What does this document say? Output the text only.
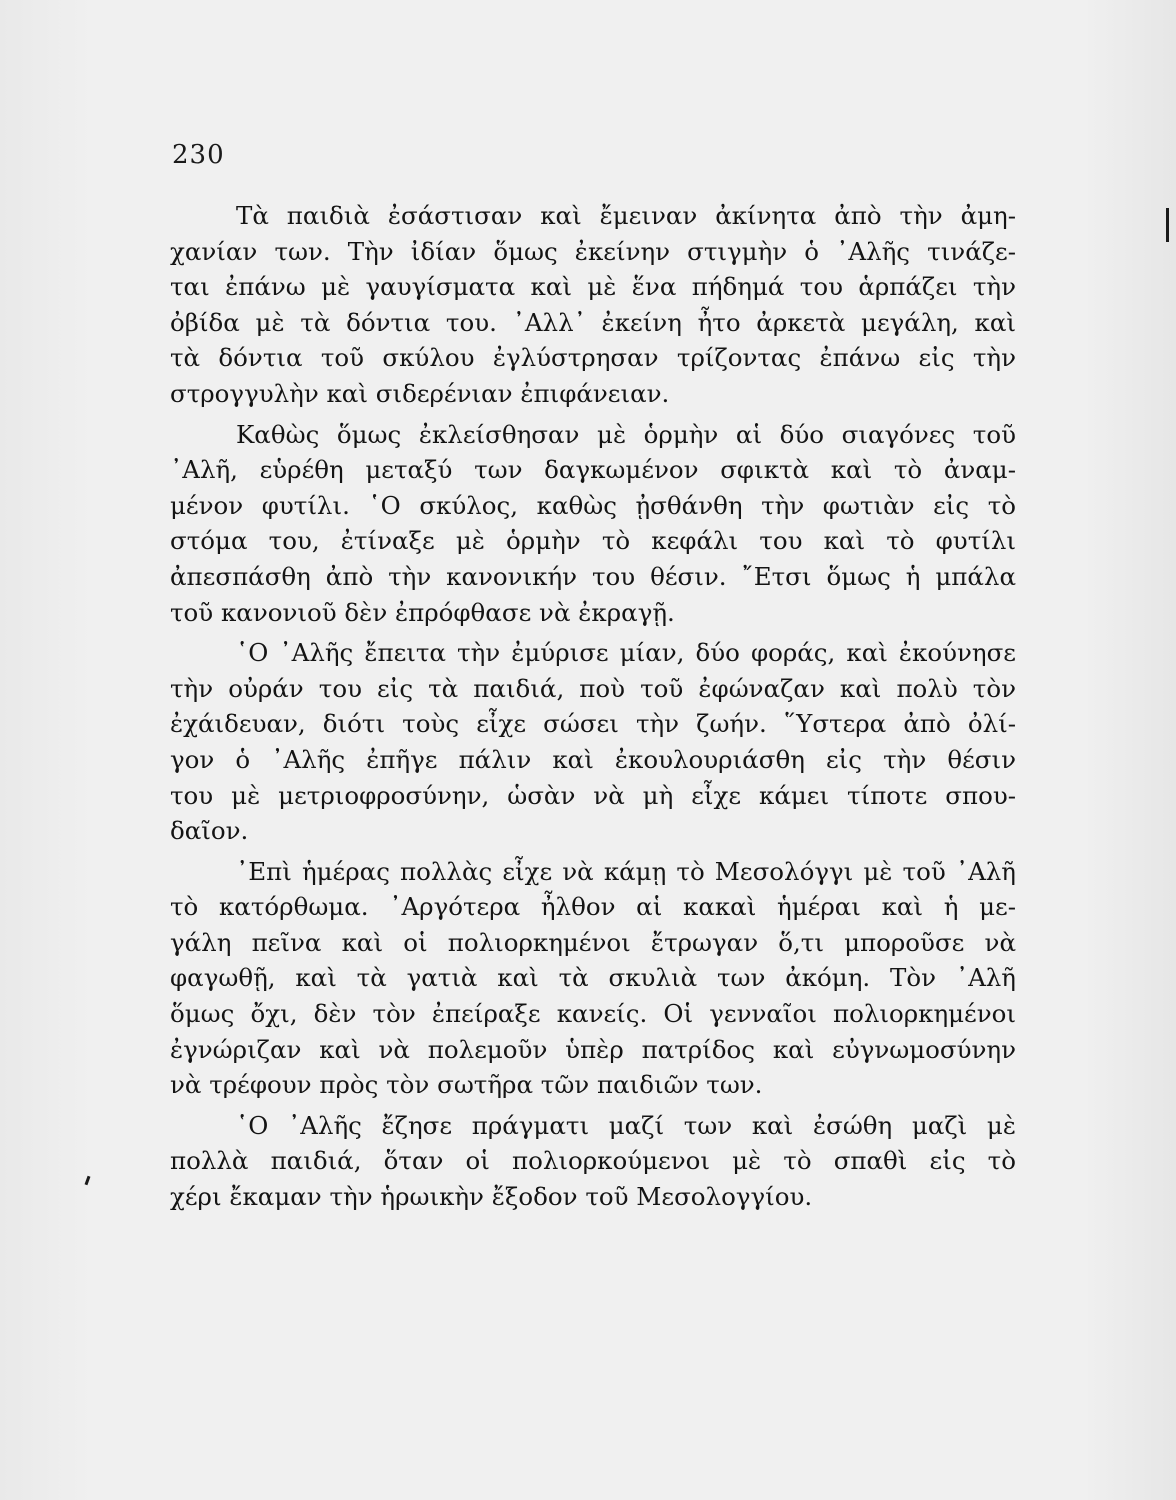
230
Τὰ παιδιὰ ἐσάστισαν καὶ ἔμειναν ἀκίνητα ἀπὸ τὴν ἀμη-
χανίαν των. Τὴν ἰδίαν ὅμως ἐκείνην στιγμὴν ὁ ᾿Αλῆς τινάζε-
ται ἐπάνω μὲ γαυγίσματα καὶ μὲ ἕνα πήδημά του ἁρπάζει τὴν
ὀβίδα μὲ τὰ δόντια του. ᾿Αλλ᾿ ἐκείνη ἦτο ἀρκετὰ μεγάλη, καὶ
τὰ δόντια τοῦ σκύλου ἐγλύστρησαν τρίζοντας ἐπάνω εἰς τὴν
στρογγυλὴν καὶ σιδερένιαν ἐπιφάνειαν.
Καθὼς ὅμως ἐκλείσθησαν μὲ ὁρμὴν αἱ δύο σιαγόνες τοῦ
᾿Αλῆ, εὑρέθη μεταξύ των δαγκωμένον σφικτὰ καὶ τὸ ἀναμ-
μένον φυτίλι. ῾Ο σκύλος, καθὼς ᾐσθάνθη τὴν φωτιὰν εἰς τὸ
στόμα του, ἐτίναξε μὲ ὁρμὴν τὸ κεφάλι του καὶ τὸ φυτίλι
ἀπεσπάσθη ἀπὸ τὴν κανονικήν του θέσιν. ῎Ετσι ὅμως ἡ μπάλα
τοῦ κανονιοῦ δὲν ἐπρόφθασε νὰ ἐκραγῇ.
῾Ο ᾿Αλῆς ἔπειτα τὴν ἐμύρισε μίαν, δύο φοράς, καὶ ἐκούνησε
τὴν οὐράν του εἰς τὰ παιδιά, ποὺ τοῦ ἐφώναζαν καὶ πολὺ τὸν
ἐχάιδευαν, διότι τοὺς εἶχε σώσει τὴν ζωήν. ῞Υστερα ἀπὸ ὀλί-
γον ὁ ᾿Αλῆς ἐπῆγε πάλιν καὶ ἐκουλουριάσθη εἰς τὴν θέσιν
του μὲ μετριοφροσύνην, ὡσὰν νὰ μὴ εἶχε κάμει τίποτε σπου-
δαῖον.
᾿Επὶ ἡμέρας πολλὰς εἶχε νὰ κάμῃ τὸ Μεσολόγγι μὲ τοῦ ᾿Αλῆ
τὸ κατόρθωμα. ᾿Αργότερα ἦλθον αἱ κακαὶ ἡμέραι καὶ ἡ με-
γάλη πεῖνα καὶ οἱ πολιορκημένοι ἔτρωγαν ὅ,τι μποροῦσε νὰ
φαγωθῇ, καὶ τὰ γατιὰ καὶ τὰ σκυλιὰ των ἀκόμη. Τὸν ᾿Αλῆ
ὅμως ὄχι, δὲν τὸν ἐπείραξε κανείς. Οἱ γενναῖοι πολιορκημένοι
ἐγνώριζαν καὶ νὰ πολεμοῦν ὑπὲρ πατρίδος καὶ εὐγνωμοσύνην
νὰ τρέφουν πρὸς τὸν σωτῆρα τῶν παιδιῶν των.
῾Ο ᾿Αλῆς ἔζησε πράγματι μαζί των καὶ ἐσώθη μαζὶ μὲ
πολλὰ παιδιά, ὅταν οἱ πολιορκούμενοι μὲ τὸ σπαθὶ εἰς τὸ
χέρι ἔκαμαν τὴν ἡρωικὴν ἔξοδον τοῦ Μεσολογγίου.
